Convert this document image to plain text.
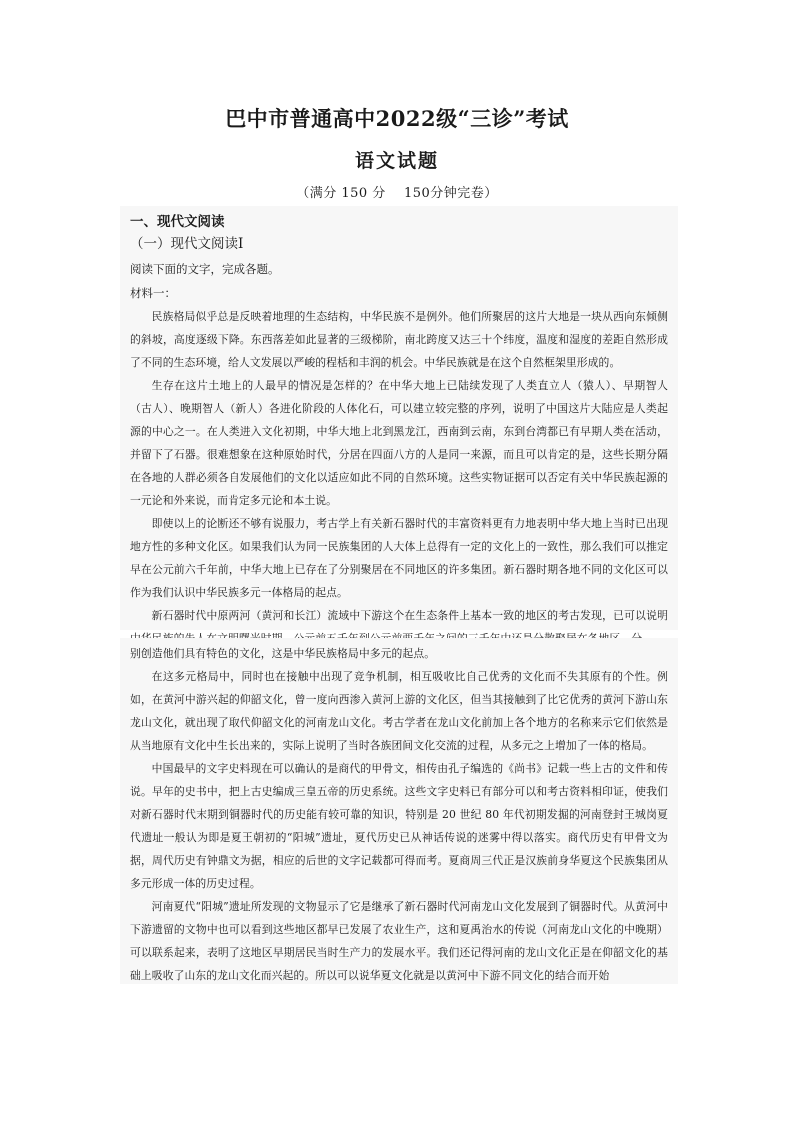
巴中市普通高中2022级“三诊”考试
语文试题

（满分 150 分　 150分钟完卷）

一、现代文阅读

（一）现代文阅读Ⅰ

阅读下面的文字，完成各题。

材料一：

民族格局似乎总是反映着地理的生态结构，中华民族不是例外。他们所聚居的这片大地是一块从西向东倾侧的斜坡，高度逐级下降。东西落差如此显著的三级梯阶，南北跨度又达三十个纬度，温度和湿度的差距自然形成了不同的生态环境，给人文发展以严峻的程栝和丰润的机会。中华民族就是在这个自然框架里形成的。

生存在这片土地上的人最早的情况是怎样的？在中华大地上已陆续发现了人类直立人（猿人）、早期智人（古人）、晚期智人（新人）各进化阶段的人体化石，可以建立较完整的序列，说明了中国这片大陆应是人类起源的中心之一。在人类进入文化初期，中华大地上北到黑龙江，西南到云南，东到台湾都已有早期人类在活动，并留下了石器。很难想象在这种原始时代，分居在四面八方的人是同一来源，而且可以肯定的是，这些长期分隔在各地的人群必须各自发展他们的文化以适应如此不同的自然环境。这些实物证据可以否定有关中华民族起源的一元论和外来说，而肯定多元论和本土说。

即使以上的论断还不够有说服力，考古学上有关新石器时代的丰富资料更有力地表明中华大地上当时已出现地方性的多种文化区。如果我们认为同一民族集团的人大体上总得有一定的文化上的一致性，那么我们可以推定早在公元前六千年前，中华大地上已存在了分别聚居在不同地区的许多集团。新石器时期各地不同的文化区可以作为我们认识中华民族多元一体格局的起点。

新石器时代中原两河（黄河和长江）流域中下游这个在生态条件上基本一致的地区的考古发现，已可以说明

别创造他们具有特色的文化，这是中华民族格局中多元的起点。

在这多元格局中，同时也在接触中出现了竞争机制，相互吸收比自己优秀的文化而不失其原有的个性。例如，在黄河中游兴起的仰韶文化，曾一度向西渗入黄河上游的文化区，但当其接触到了比它优秀的黄河下游山东龙山文化，就出现了取代仰韶文化的河南龙山文化。考古学者在龙山文化前加上各个地方的名称来示它们依然是从当地原有文化中生长出来的，实际上说明了当时各族团间文化交流的过程，从多元之上增加了一体的格局。

中国最早的文字史料现在可以确认的是商代的甲骨文，相传由孔子编选的《尚书》记载一些上古的文件和传说。早年的史书中，把上古史编成三皇五帝的历史系统。这些文字史料已有部分可以和考古资料相印证，使我们对新石器时代末期到铜器时代的历史能有较可靠的知识，特别是 20 世纪 80 年代初期发掘的河南登封王城岗夏代遗址一般认为即是夏王朝初的“阳城”遗址，夏代历史已从神话传说的迷雾中得以落实。商代历史有甲骨文为据，周代历史有钟鼎文为据，相应的后世的文字记载都可得而考。夏商周三代正是汉族前身华夏这个民族集团从多元形成一体的历史过程。

河南夏代“阳城”遗址所发现的文物显示了它是继承了新石器时代河南龙山文化发展到了铜器时代。从黄河中下游遗留的文物中也可以看到这些地区都早已发展了农业生产，这和夏禹治水的传说（河南龙山文化的中晚期）可以联系起来，表明了这地区早期居民当时生产力的发展水平。我们还记得河南的龙山文化正是在仰韶文化的基础上吸收了山东的龙山文化而兴起的。所以可以说华夏文化就是以黄河中下游不同文化的结合而开始
